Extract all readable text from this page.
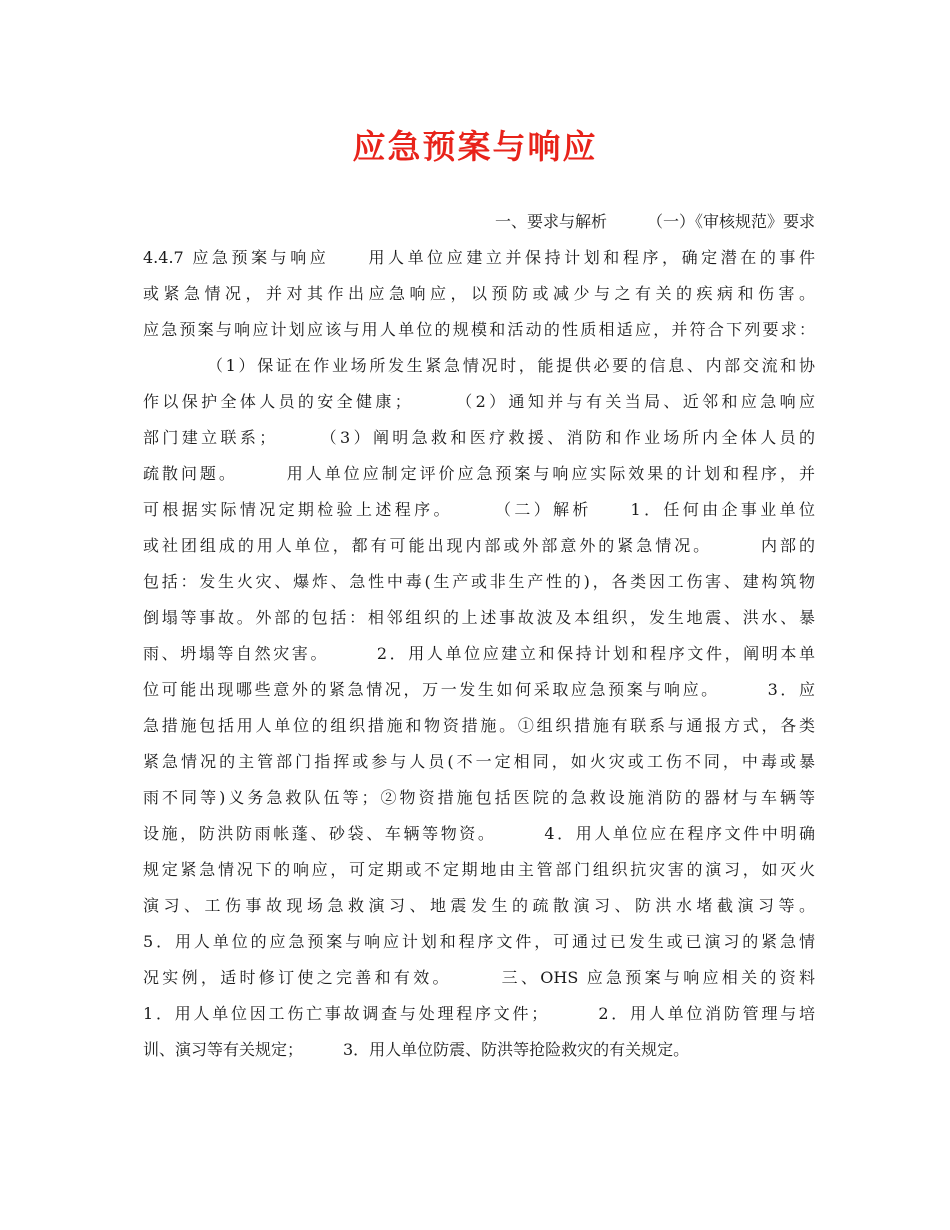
应急预案与响应
一、要求与解析　　　（一）《审核规范》要求
4.4.7 应急预案与响应　　用人单位应建立并保持计划和程序，确定潜在的事件
或紧急情况，并对其作出应急响应，以预防或减少与之有关的疾病和伤害。
应急预案与响应计划应该与用人单位的规模和活动的性质相适应，并符合下列要求：
（1）保证在作业场所发生紧急情况时，能提供必要的信息、内部交流和协
作以保护全体人员的安全健康；　　　（2）通知并与有关当局、近邻和应急响应
部门建立联系；　　　（3）阐明急救和医疗救援、消防和作业场所内全体人员的
疏散问题。　　　用人单位应制定评价应急预案与响应实际效果的计划和程序，并
可根据实际情况定期检验上述程序。　　　（二）解析　　1．任何由企事业单位
或社团组成的用人单位，都有可能出现内部或外部意外的紧急情况。　　　内部的
包括：发生火灾、爆炸、急性中毒(生产或非生产性的)，各类因工伤害、建构筑物
倒塌等事故。外部的包括：相邻组织的上述事故波及本组织，发生地震、洪水、暴
雨、坍塌等自然灾害。　　　2．用人单位应建立和保持计划和程序文件，阐明本单
位可能出现哪些意外的紧急情况，万一发生如何采取应急预案与响应。　　　3．应
急措施包括用人单位的组织措施和物资措施。①组织措施有联系与通报方式，各类
紧急情况的主管部门指挥或参与人员(不一定相同，如火灾或工伤不同，中毒或暴
雨不同等)义务急救队伍等；②物资措施包括医院的急救设施消防的器材与车辆等
设施，防洪防雨帐蓬、砂袋、车辆等物资。　　　4．用人单位应在程序文件中明确
规定紧急情况下的响应，可定期或不定期地由主管部门组织抗灾害的演习，如灭火
演习、工伤事故现场急救演习、地震发生的疏散演习、防洪水堵截演习等。
5．用人单位的应急预案与响应计划和程序文件，可通过已发生或已演习的紧急情
况实例，适时修订使之完善和有效。　　　三、OHS 应急预案与响应相关的资料
1．用人单位因工伤亡事故调查与处理程序文件；　　　2．用人单位消防管理与培
训、演习等有关规定；　　　3．用人单位防震、防洪等抢险救灾的有关规定。
